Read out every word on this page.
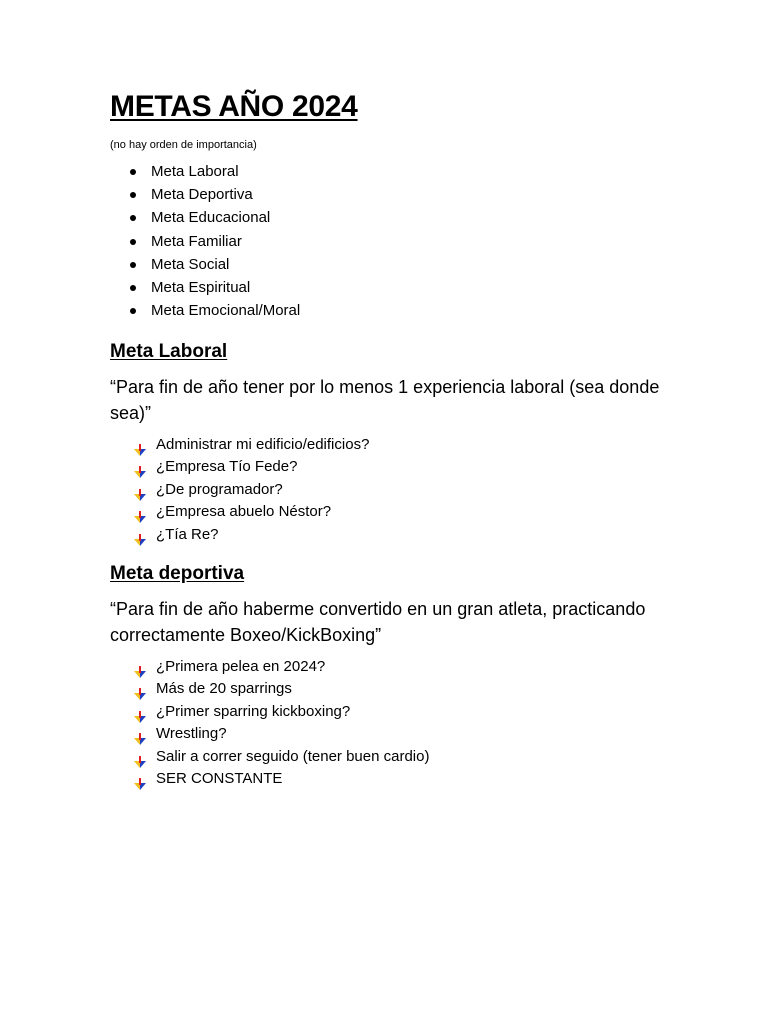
METAS AÑO 2024

(no hay orden de importancia)

Meta Laboral
Meta Deportiva
Meta Educacional
Meta Familiar
Meta Social
Meta Espiritual
Meta Emocional/Moral
Meta Laboral

“Para fin de año tener por lo menos 1 experiencia laboral (sea donde sea)”

Administrar mi edificio/edificios?
¿Empresa Tío Fede?
¿De programador?
¿Empresa abuelo Néstor?
¿Tía Re?
Meta deportiva

“Para fin de año haberme convertido en un gran atleta, practicando correctamente Boxeo/KickBoxing”

¿Primera pelea en 2024?
Más de 20 sparrings
¿Primer sparring kickboxing?
Wrestling?
Salir a correr seguido (tener buen cardio)
SER CONSTANTE
